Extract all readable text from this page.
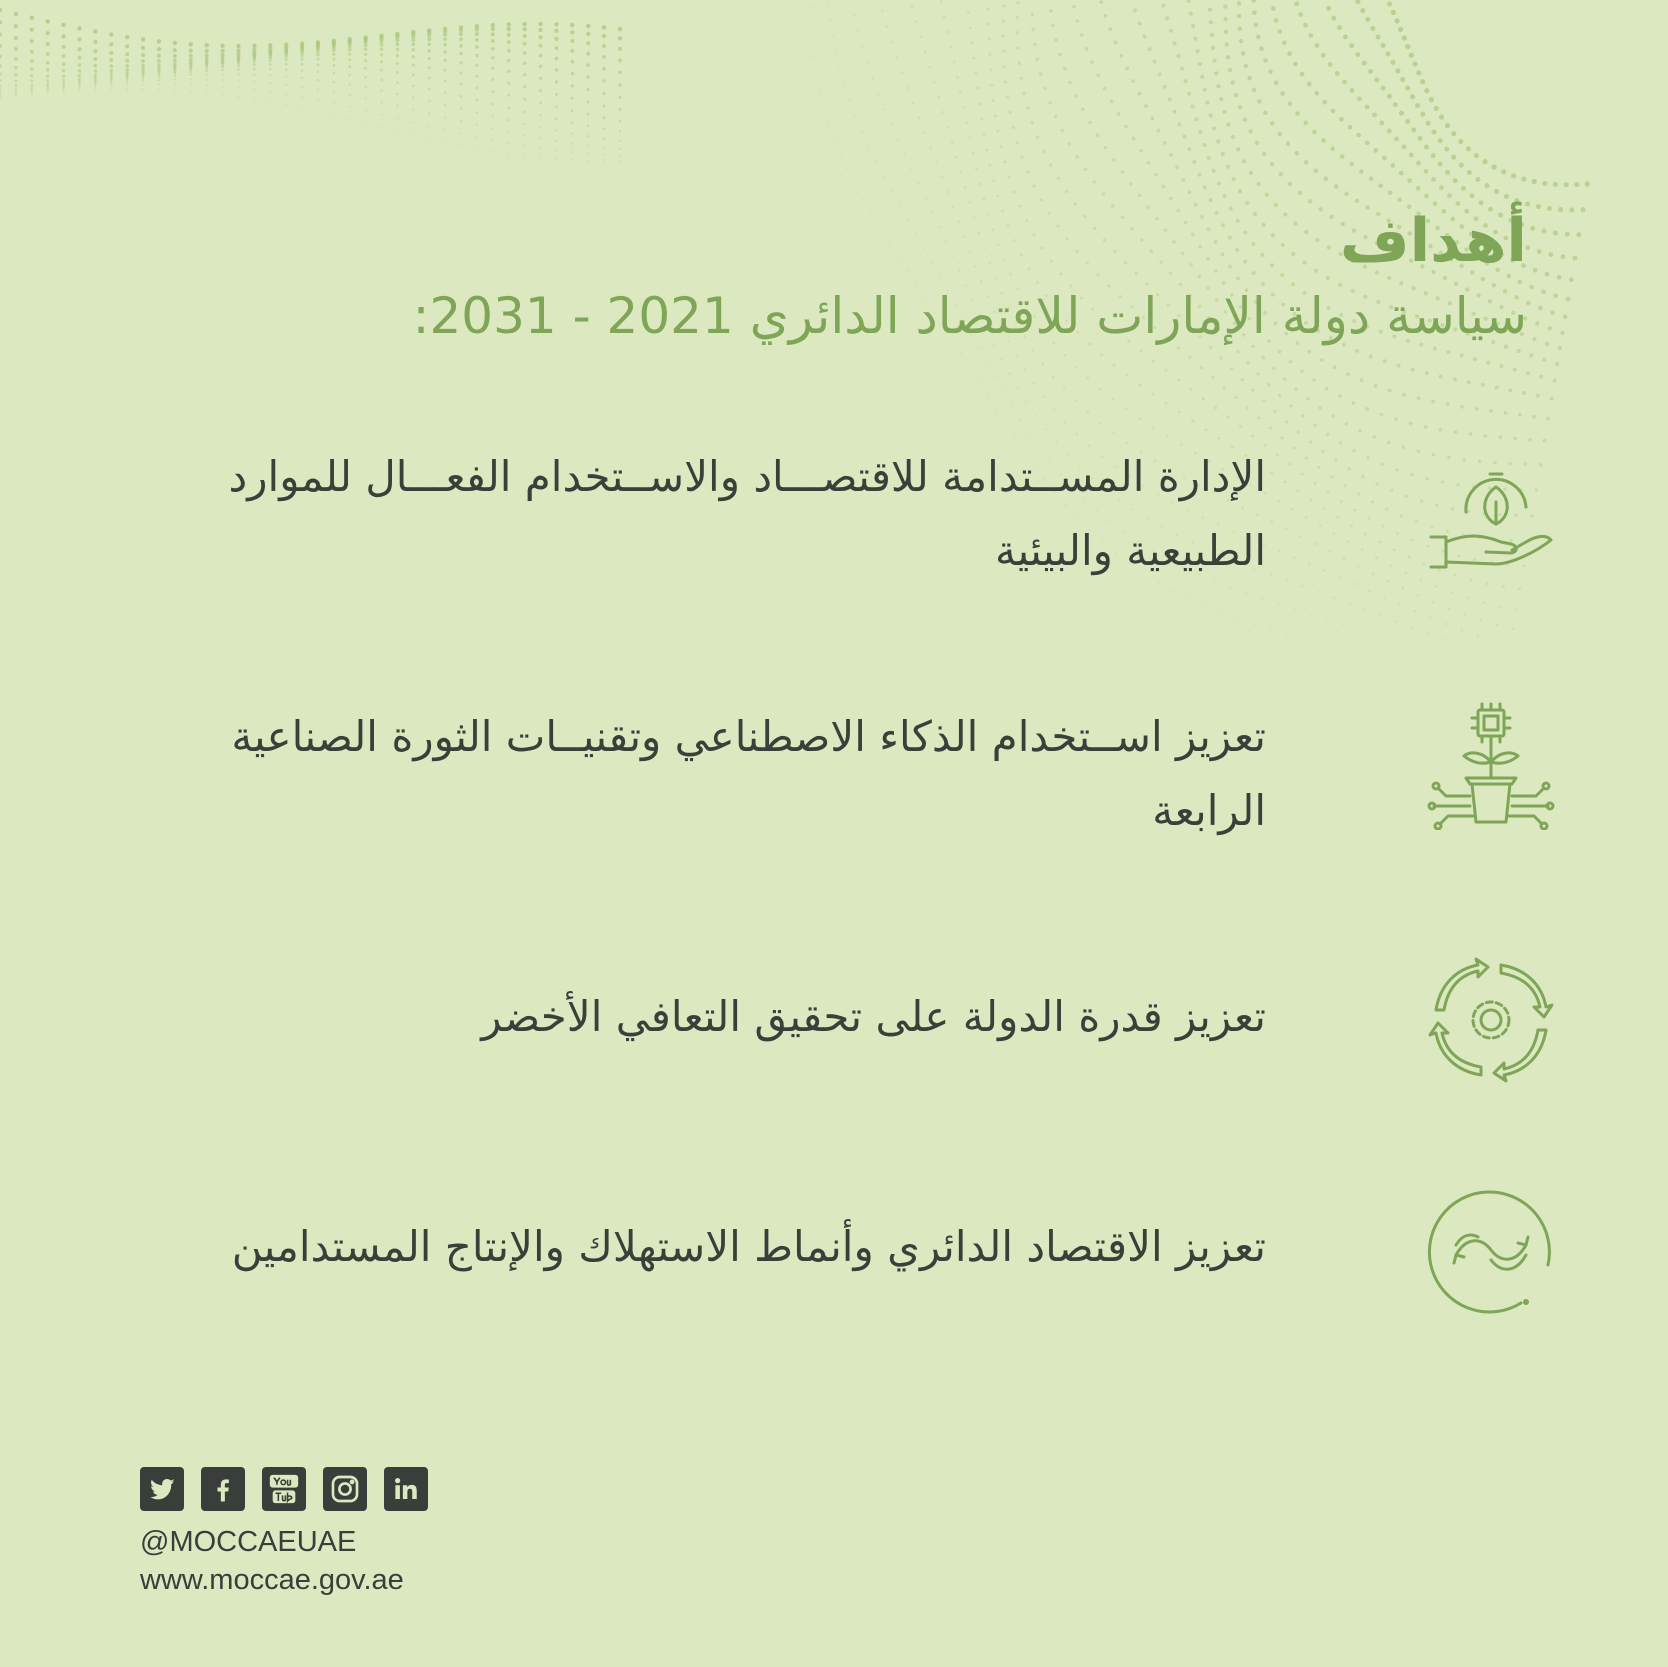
أهداف
سياسة دولة الإمارات للاقتصاد الدائري 2021 - 2031:
الإدارة المســتدامة للاقتصـــاد والاســتخدام الفعـــال للموارد الطبيعية والبيئية
تعزيز اســتخدام الذكاء الاصطناعي وتقنيــات الثورة الصناعية الرابعة
تعزيز قدرة الدولة على تحقيق التعافي الأخضر
تعزيز الاقتصاد الدائري وأنماط الاستهلاك والإنتاج المستدامين
@MOCCAEUAE
www.moccae.gov.ae
